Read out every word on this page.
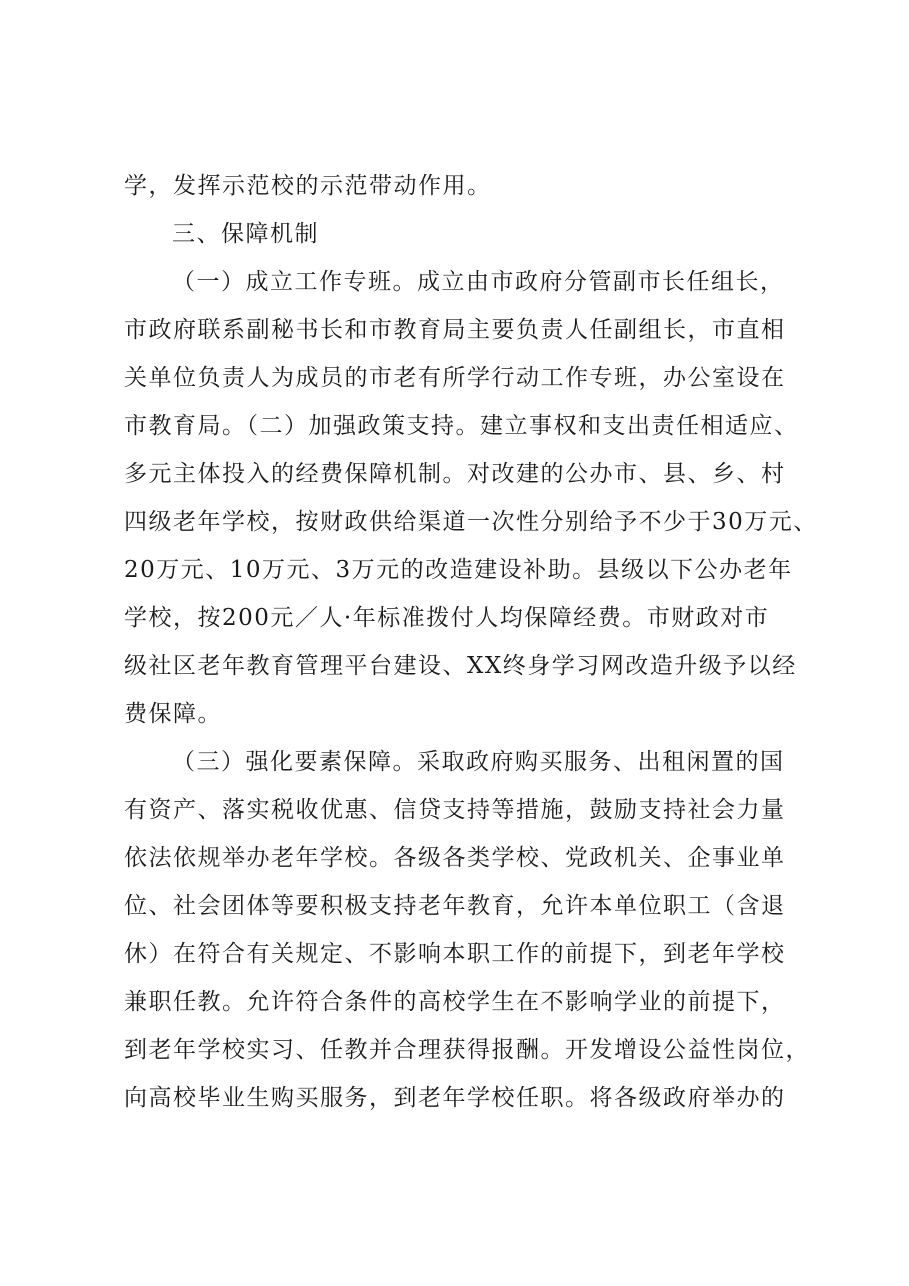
学，发挥示范校的示范带动作用。

三、保障机制

（一）成立工作专班。成立由市政府分管副市长任组长，

市政府联系副秘书长和市教育局主要负责人任副组长，市直相

关单位负责人为成员的市老有所学行动工作专班，办公室设在

市教育局。（二）加强政策支持。建立事权和支出责任相适应、

多元主体投入的经费保障机制。对改建的公办市、县、乡、村

四级老年学校，按财政供给渠道一次性分别给予不少于30万元、

20万元、10万元、3万元的改造建设补助。县级以下公办老年

学校，按200元／人·年标准拨付人均保障经费。市财政对市

级社区老年教育管理平台建设、XX终身学习网改造升级予以经

费保障。

（三）强化要素保障。采取政府购买服务、出租闲置的国

有资产、落实税收优惠、信贷支持等措施，鼓励支持社会力量

依法依规举办老年学校。各级各类学校、党政机关、企事业单

位、社会团体等要积极支持老年教育，允许本单位职工（含退

休）在符合有关规定、不影响本职工作的前提下，到老年学校

兼职任教。允许符合条件的高校学生在不影响学业的前提下，

到老年学校实习、任教并合理获得报酬。开发增设公益性岗位，

向高校毕业生购买服务，到老年学校任职。将各级政府举办的
